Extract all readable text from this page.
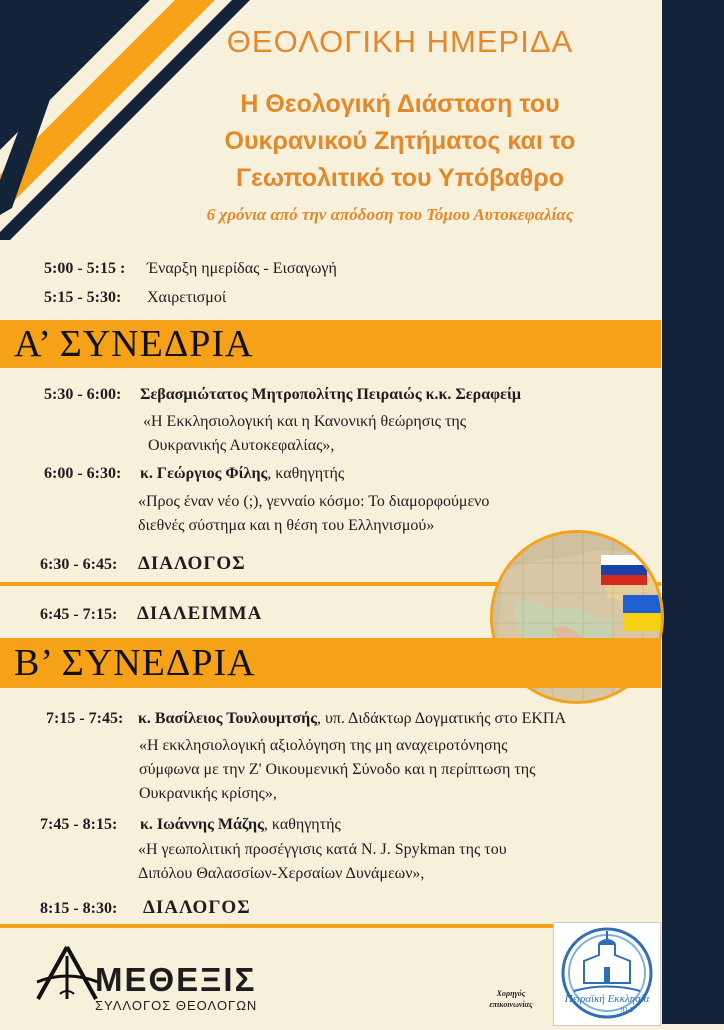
ΘΕΟΛΟΓΙΚΗ ΗΜΕΡΙΔΑ
Η Θεολογική Διάσταση του
Ουκρανικού Ζητήματος και το
Γεωπολιτικό του Υπόβαθρο
6 χρόνια από την απόδοση του Τόμου Αυτοκεφαλίας
5:00 - 5:15 : Έναρξη ημερίδας - Εισαγωγή
5:15 - 5:30: Χαιρετισμοί
Α’ ΣΥΝΕΔΡΙΑ
5:30 - 6:00: Σεβασμιώτατος Μητροπολίτης Πειραιώς κ.κ. Σεραφείμ
«Η Εκκλησιολογική και η Κανονική θεώρησις της
Ουκρανικής Αυτοκεφαλίας»,
6:00 - 6:30: κ. Γεώργιος Φίλης, καθηγητής
«Προς έναν νέο (;), γενναίο κόσμο: Το διαμορφούμενο
διεθνές σύστημα και η θέση του Ελληνισμού»
6:30 - 6:45: ΔΙΑΛΟΓΟΣ
6:45 - 7:15: ΔΙΑΛΕΙΜΜΑ
Β’ ΣΥΝΕΔΡΙΑ
7:15 - 7:45: κ. Βασίλειος Τουλουμτσής, υπ. Διδάκτωρ Δογματικής στο ΕΚΠΑ
«Η εκκλησιολογική αξιολόγηση της μη αναχειροτόνησης
σύμφωνα με την Ζ' Οικουμενική Σύνοδο και η περίπτωση της
Ουκρανικής κρίσης»,
7:45 - 8:15: κ. Ιωάννης Μάζης, καθηγητής
«Η γεωπολιτική προσέγγισις κατά N. J. Spykman της του
Διπόλου Θαλασσίων-Χερσαίων Δυνάμεων»,
8:15 - 8:30: ΔΙΑΛΟΓΟΣ
ΜΕΘΕΞΙΣ
ΣΥΛΛΟΓΟΣ ΘΕΟΛΟΓΩΝ
Χορηγός
επικοινωνίας	Πειραϊκή Εκκλησία
91.2
